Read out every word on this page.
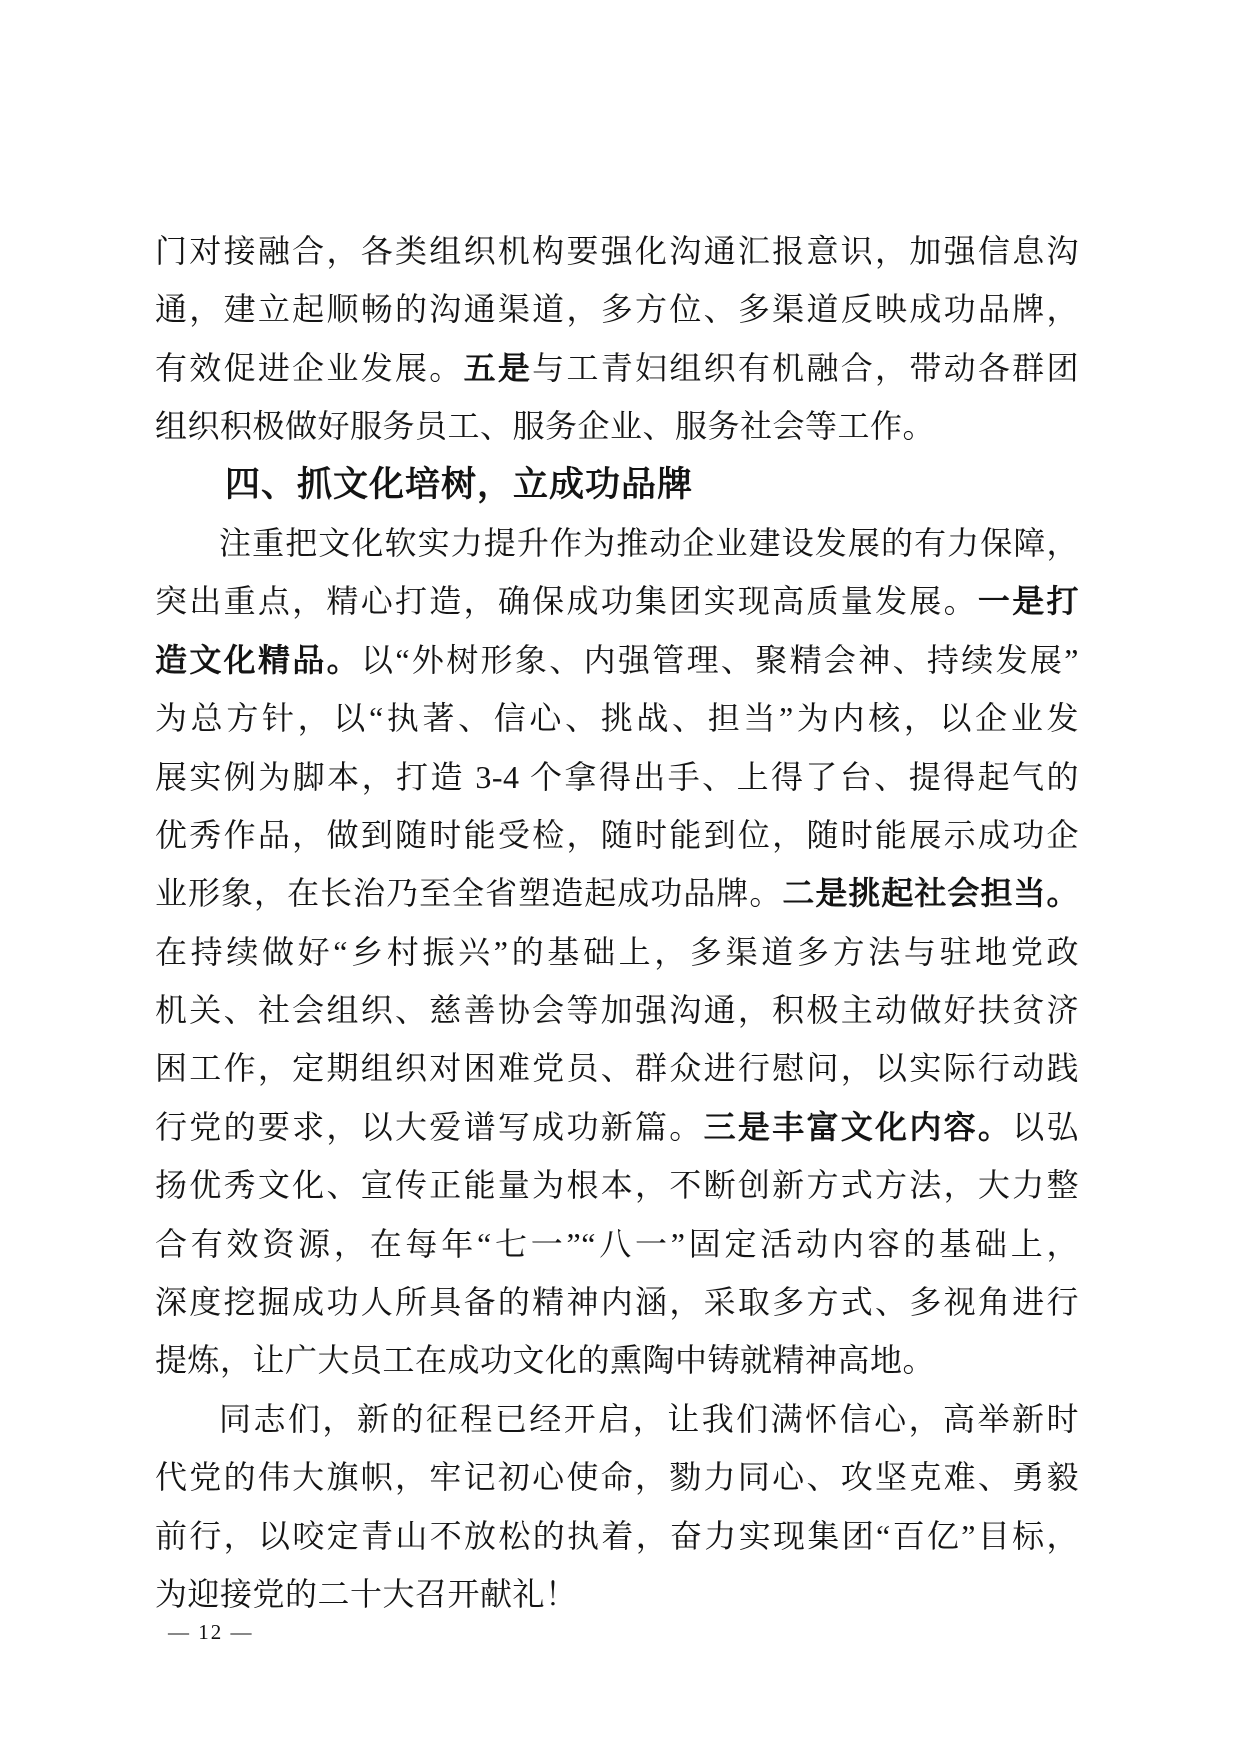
门对接融合，各类组织机构要强化沟通汇报意识，加强信息沟
通，建立起顺畅的沟通渠道，多方位、多渠道反映成功品牌，
有效促进企业发展。五是与工青妇组织有机融合，带动各群团
组织积极做好服务员工、服务企业、服务社会等工作。
四、抓文化培树，立成功品牌
注重把文化软实力提升作为推动企业建设发展的有力保障，
突出重点，精心打造，确保成功集团实现高质量发展。一是打
造文化精品。以“外树形象、内强管理、聚精会神、持续发展”
为总方针，以“执著、信心、挑战、担当”为内核，以企业发
展实例为脚本，打造 3-4 个拿得出手、上得了台、提得起气的
优秀作品，做到随时能受检，随时能到位，随时能展示成功企
业形象，在长治乃至全省塑造起成功品牌。二是挑起社会担当。
在持续做好“乡村振兴”的基础上，多渠道多方法与驻地党政
机关、社会组织、慈善协会等加强沟通，积极主动做好扶贫济
困工作，定期组织对困难党员、群众进行慰问，以实际行动践
行党的要求，以大爱谱写成功新篇。三是丰富文化内容。以弘
扬优秀文化、宣传正能量为根本，不断创新方式方法，大力整
合有效资源，在每年“七一”“八一”固定活动内容的基础上，
深度挖掘成功人所具备的精神内涵，采取多方式、多视角进行
提炼，让广大员工在成功文化的熏陶中铸就精神高地。
同志们，新的征程已经开启，让我们满怀信心，高举新时
代党的伟大旗帜，牢记初心使命，勠力同心、攻坚克难、勇毅
前行，以咬定青山不放松的执着，奋力实现集团“百亿”目标，
为迎接党的二十大召开献礼！
— 12 —
